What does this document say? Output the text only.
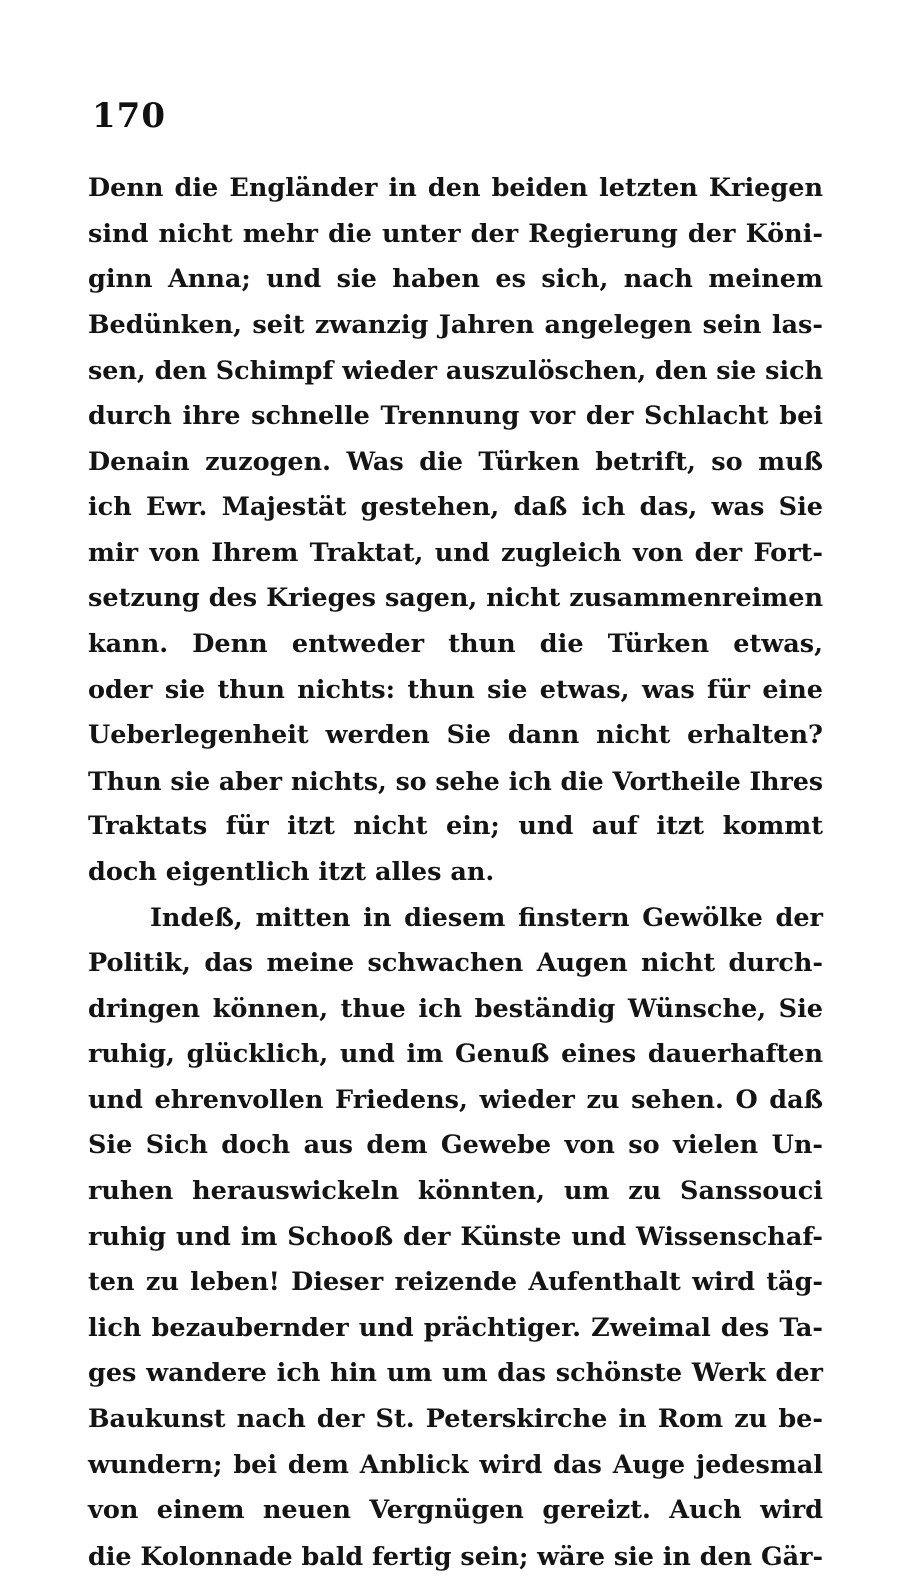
170
Denn die Engländer in den beiden letzten Kriegen
sind nicht mehr die unter der Regierung der Köni-
ginn Anna; und sie haben es sich, nach meinem
Bedünken, seit zwanzig Jahren angelegen sein las-
sen, den Schimpf wieder auszulöschen, den sie sich
durch ihre schnelle Trennung vor der Schlacht bei
Denain zuzogen. Was die Türken betrift, so muß
ich Ewr. Majestät gestehen, daß ich das, was Sie
mir von Ihrem Traktat, und zugleich von der Fort-
setzung des Krieges sagen, nicht zusammenreimen
kann. Denn entweder thun die Türken etwas,
oder sie thun nichts: thun sie etwas, was für eine
Ueberlegenheit werden Sie dann nicht erhalten?
Thun sie aber nichts, so sehe ich die Vortheile Ihres
Traktats für itzt nicht ein; und auf itzt kommt
doch eigentlich itzt alles an.
Indeß, mitten in diesem finstern Gewölke der
Politik, das meine schwachen Augen nicht durch-
dringen können, thue ich beständig Wünsche, Sie
ruhig, glücklich, und im Genuß eines dauerhaften
und ehrenvollen Friedens, wieder zu sehen. O daß
Sie Sich doch aus dem Gewebe von so vielen Un-
ruhen herauswickeln könnten, um zu Sanssouci
ruhig und im Schooß der Künste und Wissenschaf-
ten zu leben! Dieser reizende Aufenthalt wird täg-
lich bezaubernder und prächtiger. Zweimal des Ta-
ges wandere ich hin um um das schönste Werk der
Baukunst nach der St. Peterskirche in Rom zu be-
wundern; bei dem Anblick wird das Auge jedesmal
von einem neuen Vergnügen gereizt. Auch wird
die Kolonnade bald fertig sein; wäre sie in den Gär-
